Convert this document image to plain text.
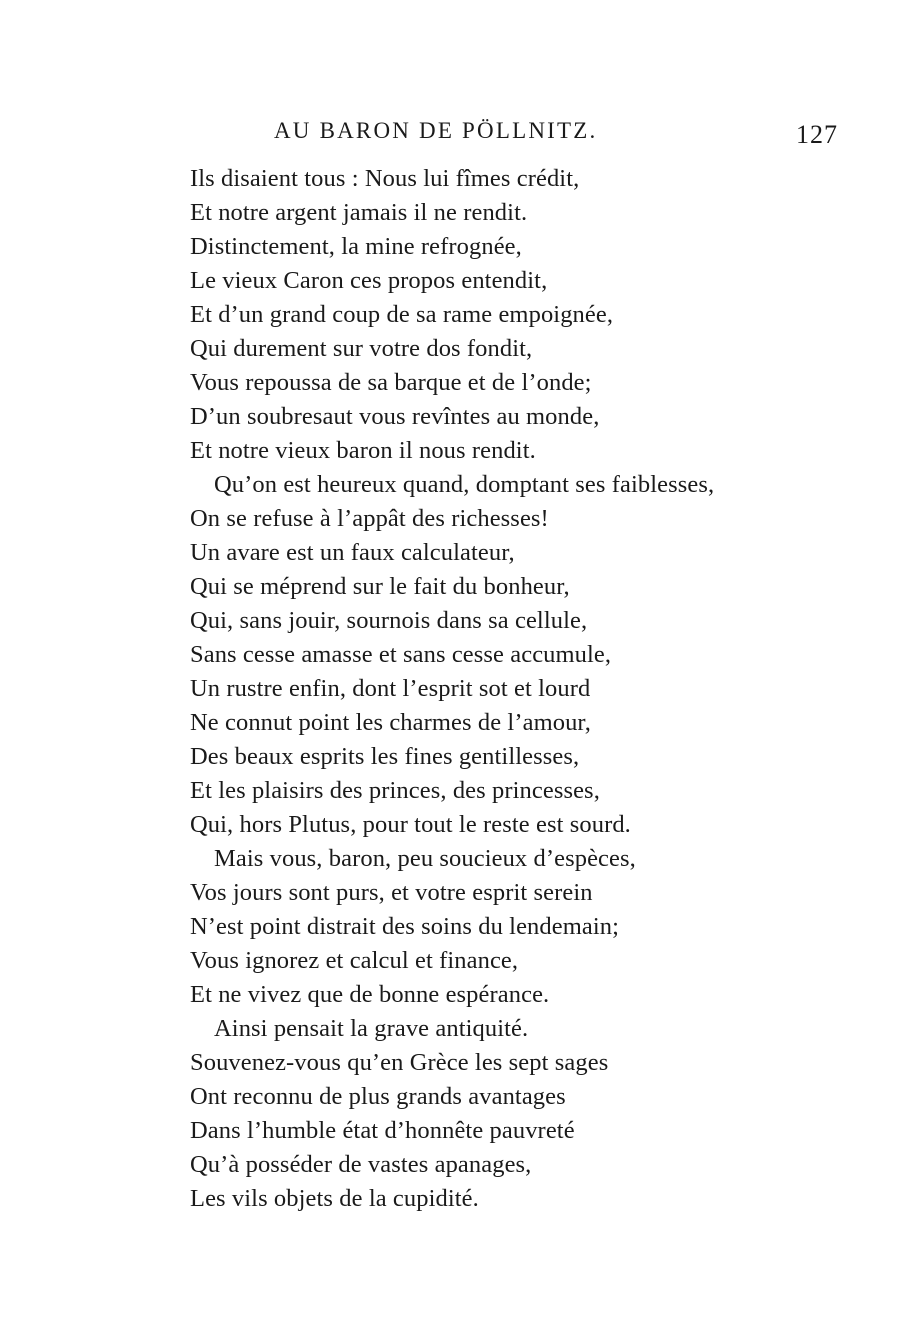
AU BARON DE PÖLLNITZ.	127
Ils disaient tous : Nous lui fîmes crédit,
Et notre argent jamais il ne rendit.
Distinctement, la mine refrognée,
Le vieux Caron ces propos entendit,
Et d’un grand coup de sa rame empoignée,
Qui durement sur votre dos fondit,
Vous repoussa de sa barque et de l’onde;
D’un soubresaut vous revîntes au monde,
Et notre vieux baron il nous rendit.
Qu’on est heureux quand, domptant ses faiblesses,
On se refuse à l’appât des richesses!
Un avare est un faux calculateur,
Qui se méprend sur le fait du bonheur,
Qui, sans jouir, sournois dans sa cellule,
Sans cesse amasse et sans cesse accumule,
Un rustre enfin, dont l’esprit sot et lourd
Ne connut point les charmes de l’amour,
Des beaux esprits les fines gentillesses,
Et les plaisirs des princes, des princesses,
Qui, hors Plutus, pour tout le reste est sourd.
Mais vous, baron, peu soucieux d’espèces,
Vos jours sont purs, et votre esprit serein
N’est point distrait des soins du lendemain;
Vous ignorez et calcul et finance,
Et ne vivez que de bonne espérance.
Ainsi pensait la grave antiquité.
Souvenez-vous qu’en Grèce les sept sages
Ont reconnu de plus grands avantages
Dans l’humble état d’honnête pauvreté
Qu’à posséder de vastes apanages,
Les vils objets de la cupidité.
